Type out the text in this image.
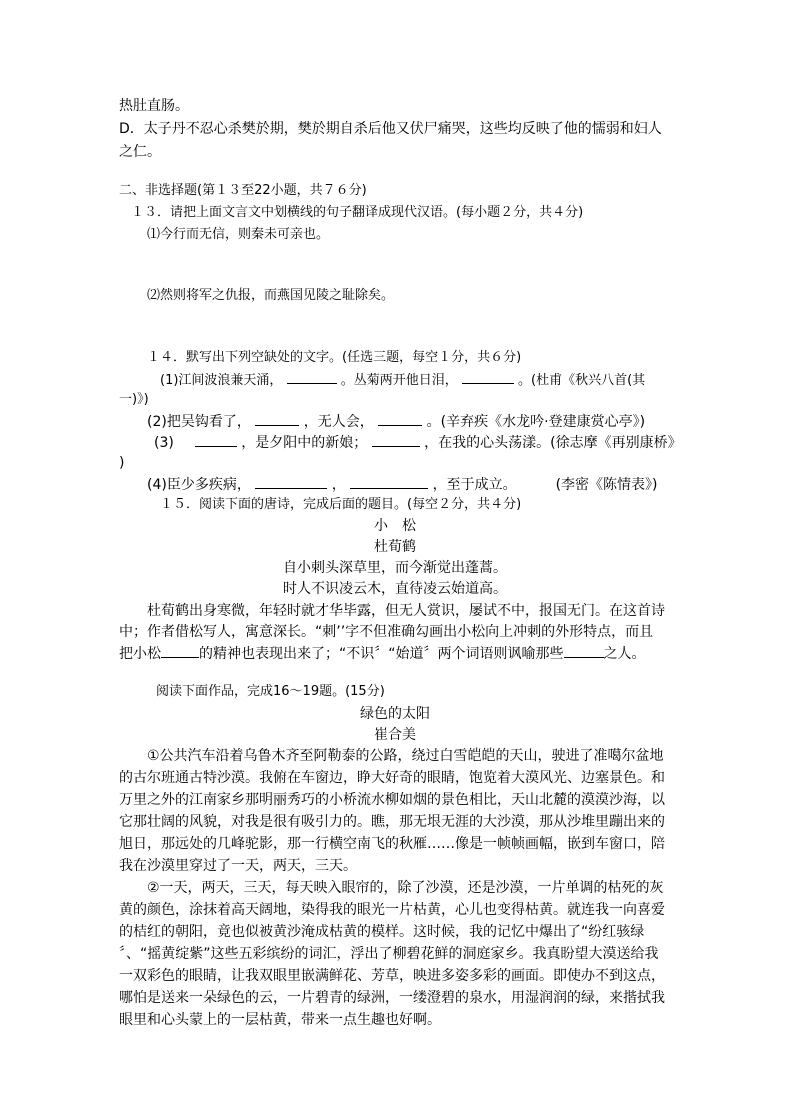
热肚直肠。
D．太子丹不忍心杀樊於期，樊於期自杀后他又伏尸痛哭，这些均反映了他的懦弱和妇人
之仁。
二、非选择题(第１３至22小题，共７６分)
１３．请把上面文言文中划横线的句子翻译成现代汉语。(每小题２分，共４分)
⑴今行而无信，则秦未可亲也。
⑵然则将军之仇报，而燕国见陵之耻除矣。
１４．默写出下列空缺处的文字。(任选三题，每空１分，共６分)
(1)江间波浪兼天涌，	。丛菊两开他日泪，	。(杜甫《秋兴八首(其
一)》)
(2)把吴钩看了，	，无人会，	。(辛弃疾《水龙吟·登建康赏心亭》)
(3)	，是夕阳中的新娘；	，在我的心头荡漾。(徐志摩《再别康桥》
)
(4)臣少多疾病，	，	，至于成立。	(李密《陈情表》)
１５．阅读下面的唐诗，完成后面的题目。(每空２分，共４分)
小　松
杜荀鹤
自小刺头深草里，而今渐觉出蓬蒿。
时人不识凌云木，直待凌云始道高。
杜荀鹤出身寒微，年轻时就才华毕露，但无人赏识，屡试不中，报国无门。在这首诗
中；作者借松写人，寓意深长。“刺’’字不但准确勾画出小松向上冲刺的外形特点，而且
把小松	的精神也表现出来了；“不识〞“始道〞两个词语则讽喻那些	之人。
阅读下面作品，完成16～19题。(15分)
绿色的太阳
崔合美
①公共汽车沿着乌鲁木齐至阿勒泰的公路，绕过白雪皑皑的天山，驶进了准噶尔盆地
的古尔班通古特沙漠。我俯在车窗边，睁大好奇的眼睛，饱览着大漠风光、边塞景色。和
万里之外的江南家乡那明丽秀巧的小桥流水柳如烟的景色相比，天山北麓的漠漠沙海，以
它那壮阔的风貌，对我是很有吸引力的。瞧，那无垠无涯的大沙漠，那从沙堆里蹦出来的
旭日，那远处的几峰驼影，那一行横空南飞的秋雁……像是一帧帧画幅，嵌到车窗口，陪
我在沙漠里穿过了一天，两天，三天。
②一天，两天，三天，每天映入眼帘的，除了沙漠，还是沙漠，一片单调的枯死的灰
黄的颜色，涂抹着高天阔地，染得我的眼光一片枯黄，心儿也变得枯黄。就连我一向喜爱
的桔红的朝阳，竟也似被黄沙淹成枯黄的模样。这时候，我的记忆中爆出了“纷红骇绿
〞、“摇黄绽紫”这些五彩缤纷的词汇，浮出了柳碧花鲜的洞庭家乡。我真盼望大漠送给我
一双彩色的眼睛，让我双眼里嵌满鲜花、芳草，映进多姿多彩的画面。即使办不到这点，
哪怕是送来一朵绿色的云，一片碧青的绿洲，一缕澄碧的泉水，用湿润润的绿，来揩拭我
眼里和心头蒙上的一层枯黄，带来一点生趣也好啊。
